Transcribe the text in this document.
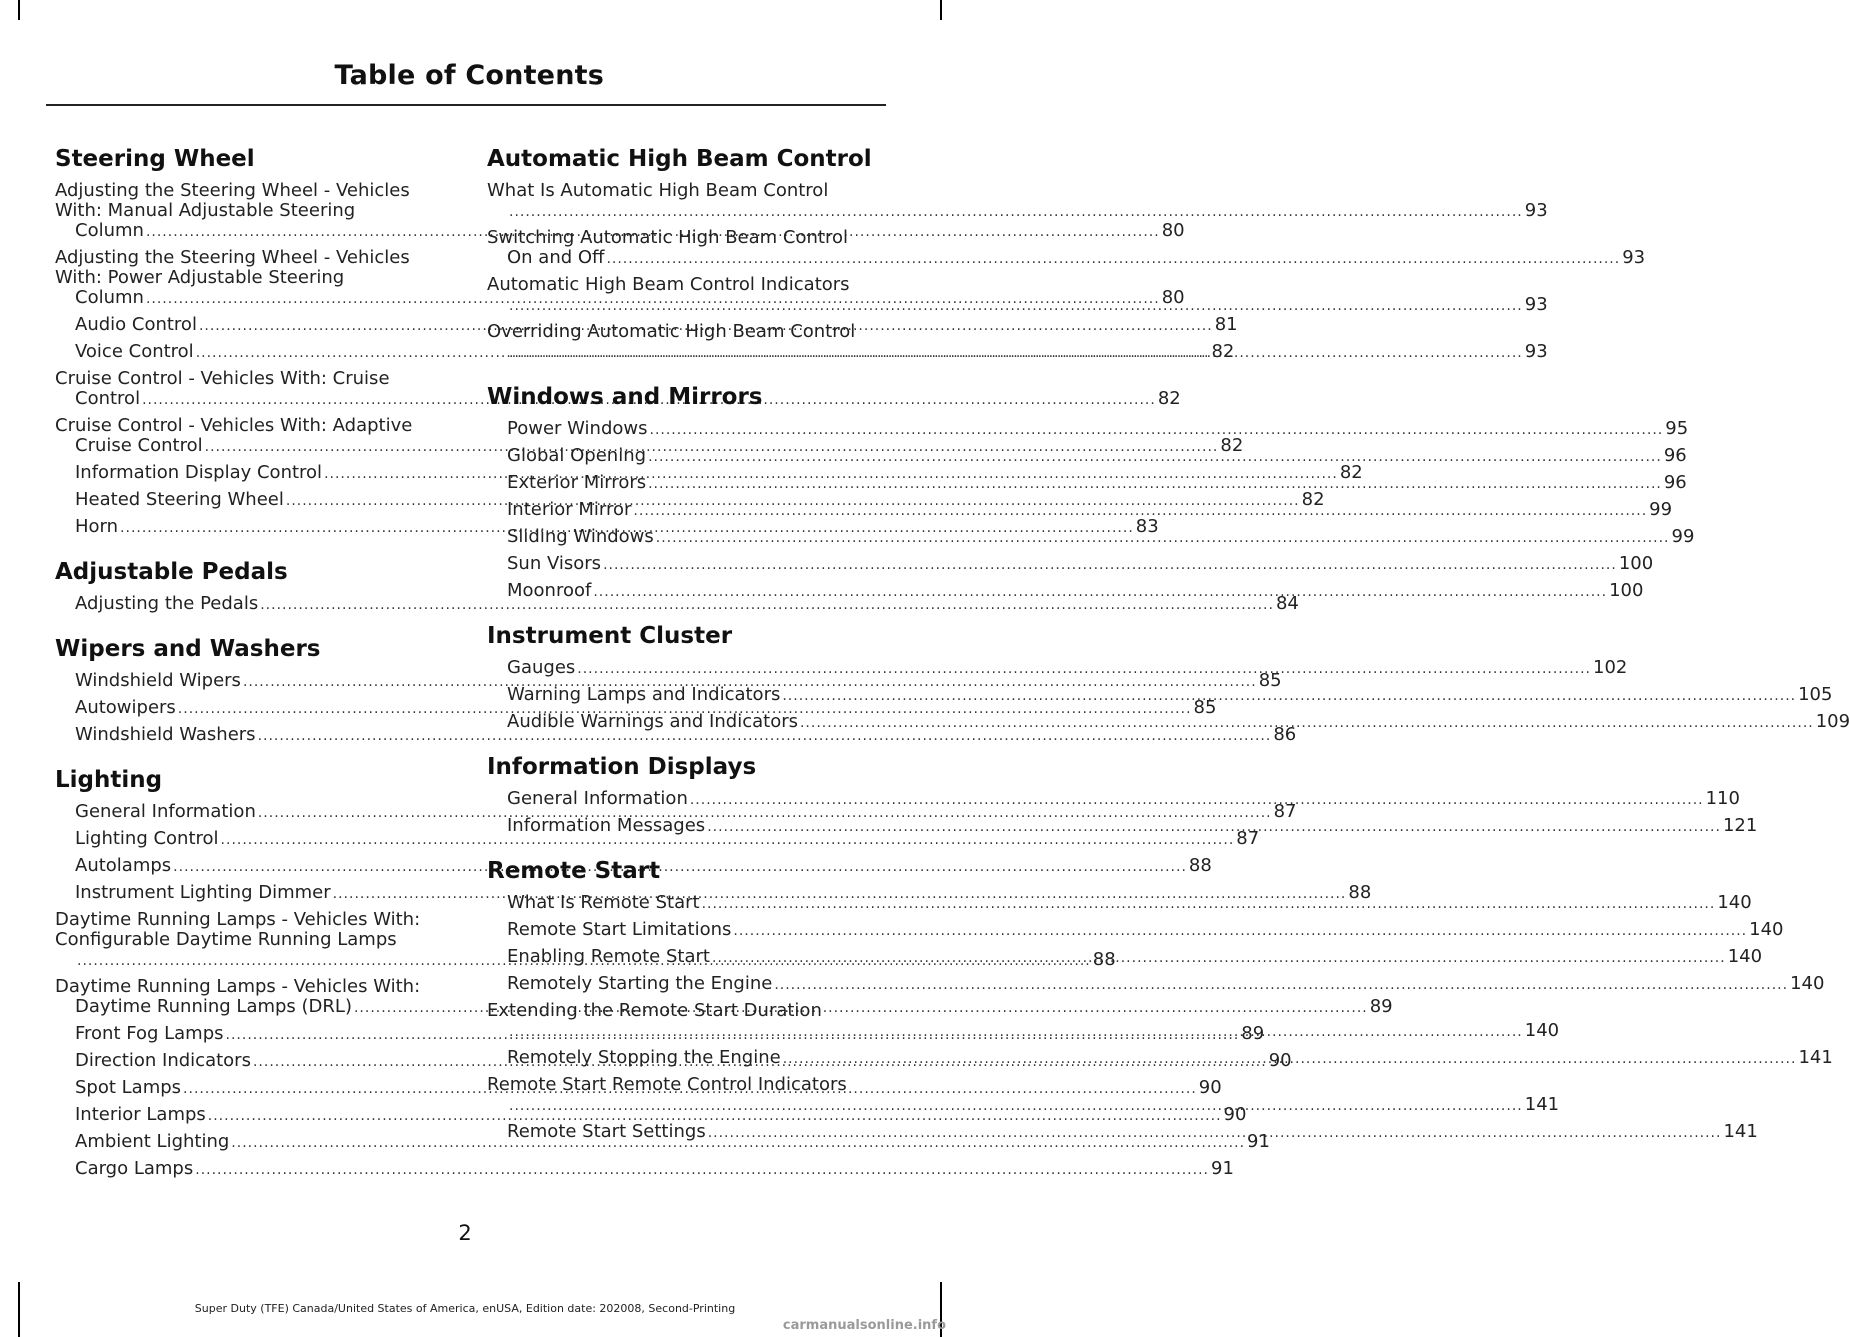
Table of Contents
Steering Wheel
Adjusting the Steering Wheel - Vehicles
With: Manual Adjustable Steering
Column .....	80
Adjusting the Steering Wheel - Vehicles
With: Power Adjustable Steering
Column .....	80
Audio Control .....	81
Voice Control .....	82
Cruise Control - Vehicles With: Cruise
Control .....	82
Cruise Control - Vehicles With: Adaptive
Cruise Control .....	82
Information Display Control .....	82
Heated Steering Wheel .....	82
Horn .....	83
Adjustable Pedals
Adjusting the Pedals .....	84
Wipers and Washers
Windshield Wipers .....	85
Autowipers .....	85
Windshield Washers .....	86
Lighting
General Information .....	87
Lighting Control .....	87
Autolamps .....	88
Instrument Lighting Dimmer .....	88
Daytime Running Lamps - Vehicles With:
Configurable Daytime Running Lamps
..... 88
Daytime Running Lamps - Vehicles With:
Daytime Running Lamps (DRL) .....	89
Front Fog Lamps .....	89
Direction Indicators .....	90
Spot Lamps .....	90
Interior Lamps .....	90
Ambient Lighting .....	91
Cargo Lamps .....	91
Automatic High Beam Control
What Is Automatic High Beam Control
..... 93
Switching Automatic High Beam Control
On and Off .....	93
Automatic High Beam Control Indicators
..... 93
Overriding Automatic High Beam Control
..... 93
Windows and Mirrors
Power Windows .....	95
Global Opening .....	96
Exterior Mirrors .....	96
Interior Mirror .....	99
Sliding Windows .....	99
Sun Visors .....	100
Moonroof .....	100
Instrument Cluster
Gauges .....	102
Warning Lamps and Indicators .....	105
Audible Warnings and Indicators .....	109
Information Displays
General Information .....	110
Information Messages .....	121
Remote Start
What Is Remote Start .....	140
Remote Start Limitations .....	140
Enabling Remote Start .....	140
Remotely Starting the Engine .....	140
Extending the Remote Start Duration
..... 140
Remotely Stopping the Engine .....	141
Remote Start Remote Control Indicators
..... 141
Remote Start Settings .....	141
2
Super Duty (TFE) Canada/United States of America, enUSA, Edition date: 202008, Second-Printing
carmanualsonline.info
